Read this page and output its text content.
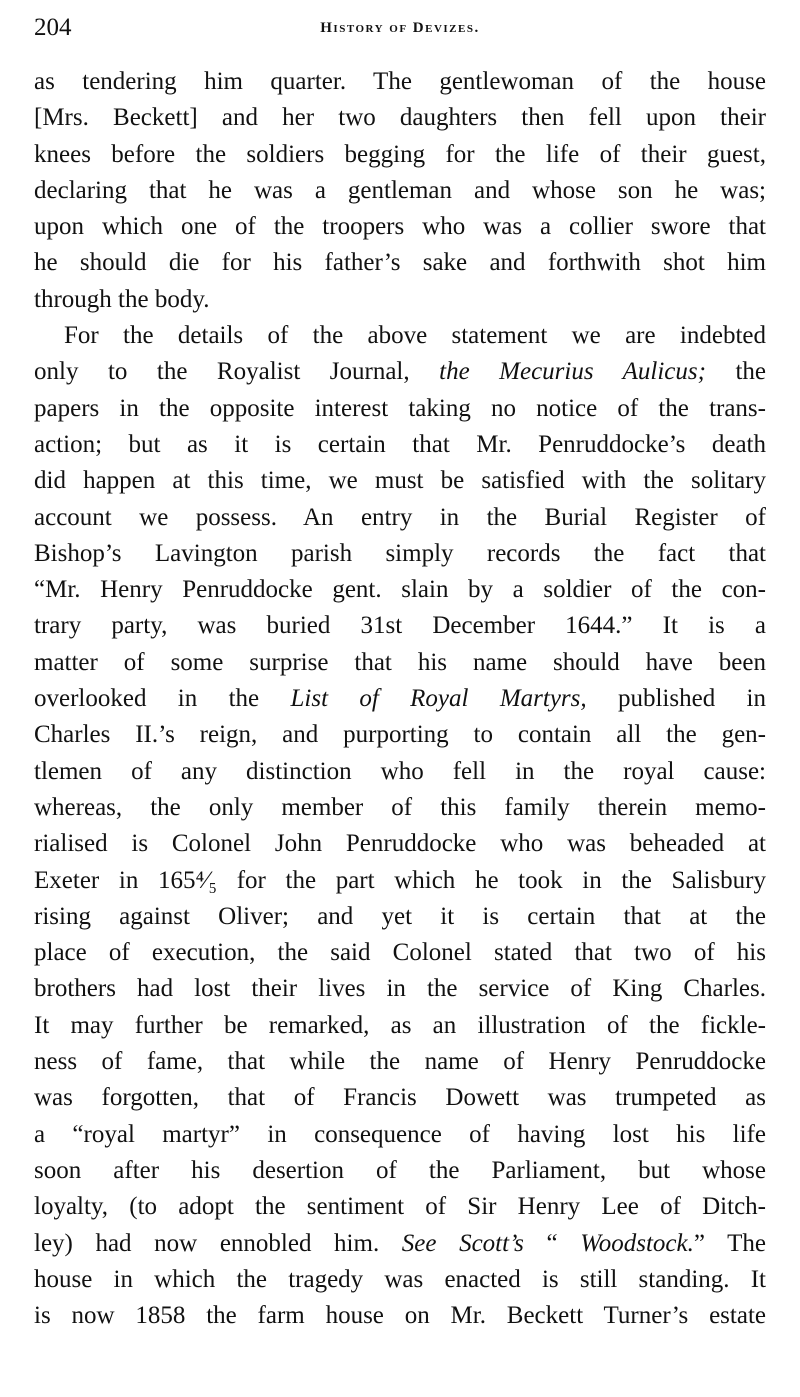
204	History of Devizes.
as tendering him quarter. The gentlewoman of the house
[Mrs. Beckett] and her two daughters then fell upon their
knees before the soldiers begging for the life of their guest,
declaring that he was a gentleman and whose son he was;
upon which one of the troopers who was a collier swore that
he should die for his father’s sake and forthwith shot him
through the body.
For the details of the above statement we are indebted
only to the Royalist Journal, the Mecurius Aulicus; the
papers in the opposite interest taking no notice of the trans-
action; but as it is certain that Mr. Penruddocke’s death
did happen at this time, we must be satisfied with the solitary
account we possess. An entry in the Burial Register of
Bishop’s Lavington parish simply records the fact that
“Mr. Henry Penruddocke gent. slain by a soldier of the con-
trary party, was buried 31st December 1644.” It is a
matter of some surprise that his name should have been
overlooked in the List of Royal Martyrs, published in
Charles II.’s reign, and purporting to contain all the gen-
tlemen of any distinction who fell in the royal cause:
whereas, the only member of this family therein memo-
rialised is Colonel John Penruddocke who was beheaded at
Exeter in 165⁴⁄₅ for the part which he took in the Salisbury
rising against Oliver; and yet it is certain that at the
place of execution, the said Colonel stated that two of his
brothers had lost their lives in the service of King Charles.
It may further be remarked, as an illustration of the fickle-
ness of fame, that while the name of Henry Penruddocke
was forgotten, that of Francis Dowett was trumpeted as
a “royal martyr” in consequence of having lost his life
soon after his desertion of the Parliament, but whose
loyalty, (to adopt the sentiment of Sir Henry Lee of Ditch-
ley) had now ennobled him. See Scott’s “ Woodstock.” The
house in which the tragedy was enacted is still standing. It
is now 1858 the farm house on Mr. Beckett Turner’s estate
